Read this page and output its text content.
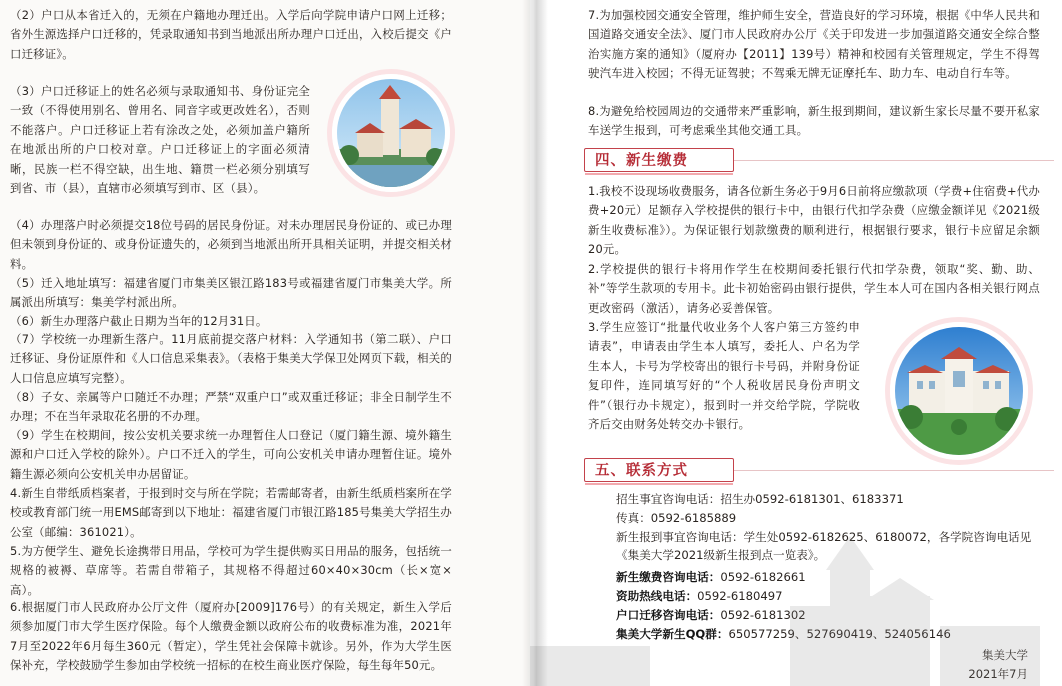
（2）户口从本省迁入的，无须在户籍地办理迁出。入学后向学院申请户口网上迁移；省外生源选择户口迁移的，凭录取通知书到当地派出所办理户口迁出，入校后提交《户口迁移证》。

（3）户口迁移证上的姓名必须与录取通知书、身份证完全一致（不得使用别名、曾用名、同音字或更改姓名），否则不能落户。户口迁移证上若有涂改之处，必须加盖户籍所在地派出所的户口校对章。户口迁移证上的字面必须清晰，民族一栏不得空缺，出生地、籍贯一栏必须分别填写到省、市（县），直辖市必须填写到市、区（县）。

（4）办理落户时必须提交18位号码的居民身份证。对未办理居民身份证的、或已办理但未领到身份证的、或身份证遗失的，必须到当地派出所开具相关证明，并提交相关材料。

（5）迁入地址填写：福建省厦门市集美区银江路183号或福建省厦门市集美大学。所属派出所填写：集美学村派出所。

（6）新生办理落户截止日期为当年的12月31日。

（7）学校统一办理新生落户。11月底前提交落户材料：入学通知书（第二联）、户口迁移证、身份证原件和《人口信息采集表》。（表格于集美大学保卫处网页下载，相关的人口信息应填写完整）。

（8）子女、亲属等户口随迁不办理；严禁“双重户口”或双重迁移证；非全日制学生不办理；不在当年录取花名册的不办理。

（9）学生在校期间，按公安机关要求统一办理暂住人口登记（厦门籍生源、境外籍生源和户口迁入学校的除外）。户口不迁入的学生，可向公安机关申请办理暂住证。境外籍生源必须向公安机关申办居留证。

4.新生自带纸质档案者，于报到时交与所在学院；若需邮寄者，由新生纸质档案所在学校或教育部门统一用EMS邮寄到以下地址：福建省厦门市银江路185号集美大学招生办公室（邮编：361021）。

5.为方便学生、避免长途携带日用品，学校可为学生提供购买日用品的服务，包括统一规格的被褥、草席等。若需自带箱子，其规格不得超过60×40×30cm（长×宽×高）。

6.根据厦门市人民政府办公厅文件（厦府办[2009]176号）的有关规定，新生入学后须参加厦门市大学生医疗保险。每个人缴费金额以政府公布的收费标准为准，2021年7月至2022年6月每生360元（暂定），学生凭社会保障卡就诊。另外，作为大学生医保补充，学校鼓励学生参加由学校统一招标的在校生商业医疗保险，每生每年50元。

7.为加强校园交通安全管理，维护师生安全，营造良好的学习环境，根据《中华人民共和国道路交通安全法》、厦门市人民政府办公厅《关于印发进一步加强道路交通安全综合整治实施方案的通知》（厦府办【2011】139号）精神和校园有关管理规定，学生不得驾驶汽车进入校园；不得无证驾驶；不驾乘无牌无证摩托车、助力车、电动自行车等。

8.为避免给校园周边的交通带来严重影响，新生报到期间，建议新生家长尽量不要开私家车送学生报到，可考虑乘坐其他交通工具。

四、新生缴费

1.我校不设现场收费服务，请各位新生务必于9月6日前将应缴款项（学费+住宿费+代办费+20元）足额存入学校提供的银行卡中，由银行代扣学杂费（应缴金额详见《2021级新生收费标准》）。为保证银行划款缴费的顺利进行，根据银行要求，银行卡应留足余额20元。

2.学校提供的银行卡将用作学生在校期间委托银行代扣学杂费，领取“奖、勤、助、补”等学生款项的专用卡。此卡初始密码由银行提供，学生本人可在国内各相关银行网点更改密码（激活），请务必妥善保管。

3.学生应签订“批量代收业务个人客户第三方签约申请表”，申请表由学生本人填写，委托人、户名为学生本人，卡号为学校寄出的银行卡号码，并附身份证复印件，连同填写好的“个人税收居民身份声明文件”（银行办卡规定），报到时一并交给学院，学院收齐后交由财务处转交办卡银行。

五、联系方式

招生事宜咨询电话：招生办0592-6181301、6183371

传真：0592-6185889

新生报到事宜咨询电话：学生处0592-6182625、6180072，各学院咨询电话见《集美大学2021级新生报到点一览表》。

新生缴费咨询电话：0592-6182661

资助热线电话：0592-6180497

户口迁移咨询电话：0592-6181302

集美大学新生QQ群：650577259、527690419、524056146

集美大学

2021年7月
